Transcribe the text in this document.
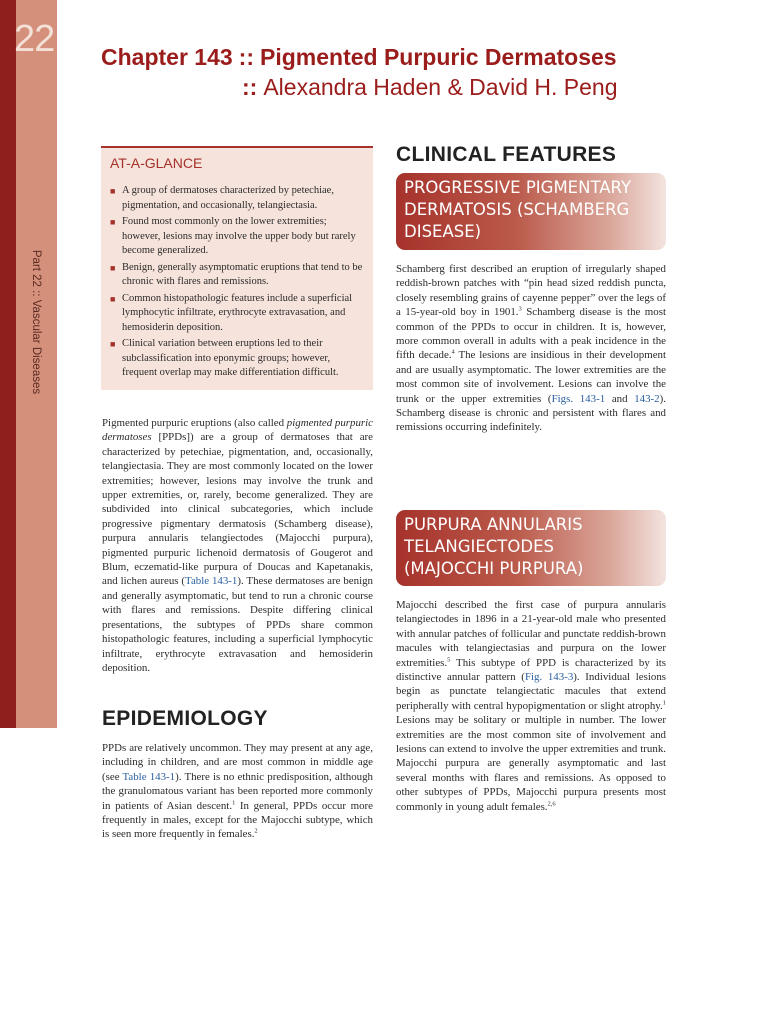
22
Part 22 :: Vascular Diseases
Chapter 143 :: Pigmented Purpuric Dermatoses
:: Alexandra Haden & David H. Peng
AT-A-GLANCE
■ A group of dermatoses characterized by petechiae, pigmentation, and occasionally, telangiectasia.
■ Found most commonly on the lower extremities; however, lesions may involve the upper body but rarely become generalized.
■ Benign, generally asymptomatic eruptions that tend to be chronic with flares and remissions.
■ Common histopathologic features include a superficial lymphocytic infiltrate, erythrocyte extravasation, and hemosiderin deposition.
■ Clinical variation between eruptions led to their subclassification into eponymic groups; however, frequent overlap may make differentiation difficult.
Pigmented purpuric eruptions (also called pigmented purpuric dermatoses [PPDs]) are a group of dermatoses that are characterized by petechiae, pigmentation, and, occasionally, telangiectasia. They are most commonly located on the lower extremities; however, lesions may involve the trunk and upper extremities, or, rarely, become generalized. They are subdivided into clinical subcategories, which include progressive pigmentary dermatosis (Schamberg disease), purpura annularis telangiectodes (Majocchi purpura), pigmented purpuric lichenoid dermatosis of Gougerot and Blum, eczematid-like purpura of Doucas and Kapetanakis, and lichen aureus (Table 143-1). These dermatoses are benign and generally asymptomatic, but tend to run a chronic course with flares and remissions. Despite differing clinical presentations, the subtypes of PPDs share common histopathologic features, including a superficial lymphocytic infiltrate, erythrocyte extravasation and hemosiderin deposition.
EPIDEMIOLOGY
PPDs are relatively uncommon. They may present at any age, including in children, and are most common in middle age (see Table 143-1). There is no ethnic predisposition, although the granulomatous variant has been reported more commonly in patients of Asian descent.$^1$ In general, PPDs occur more frequently in males, except for the Majocchi subtype, which is seen more frequently in females.$^2$
CLINICAL FEATURES
PROGRESSIVE PIGMENTARY
DERMATOSIS (SCHAMBERG
DISEASE)
Schamberg first described an eruption of irregularly shaped reddish-brown patches with “pin head sized reddish puncta, closely resembling grains of cayenne pepper” over the legs of a 15-year-old boy in 1901.$^3$ Schamberg disease is the most common of the PPDs to occur in children. It is, however, more common overall in adults with a peak incidence in the fifth decade.$^4$ The lesions are insidious in their development and are usually asymptomatic. The lower extremities are the most common site of involvement. Lesions can involve the trunk or the upper extremities (Figs. 143-1 and 143-2). Schamberg disease is chronic and persistent with flares and remissions occurring indefinitely.
PURPURA ANNULARIS
TELANGIECTODES
(MAJOCCHI PURPURA)
Majocchi described the first case of purpura annularis telangiectodes in 1896 in a 21-year-old male who presented with annular patches of follicular and punctate reddish-brown macules with telangiectasias and purpura on the lower extremities.$^5$ This subtype of PPD is characterized by its distinctive annular pattern (Fig. 143-3). Individual lesions begin as punctate telangiectatic macules that extend peripherally with central hypopigmentation or slight atrophy.$^1$ Lesions may be solitary or multiple in number. The lower extremities are the most common site of involvement and lesions can extend to involve the upper extremities and trunk. Majocchi purpura are generally asymptomatic and last several months with flares and remissions. As opposed to other subtypes of PPDs, Majocchi purpura presents most commonly in young adult females.$^{2,6}$
